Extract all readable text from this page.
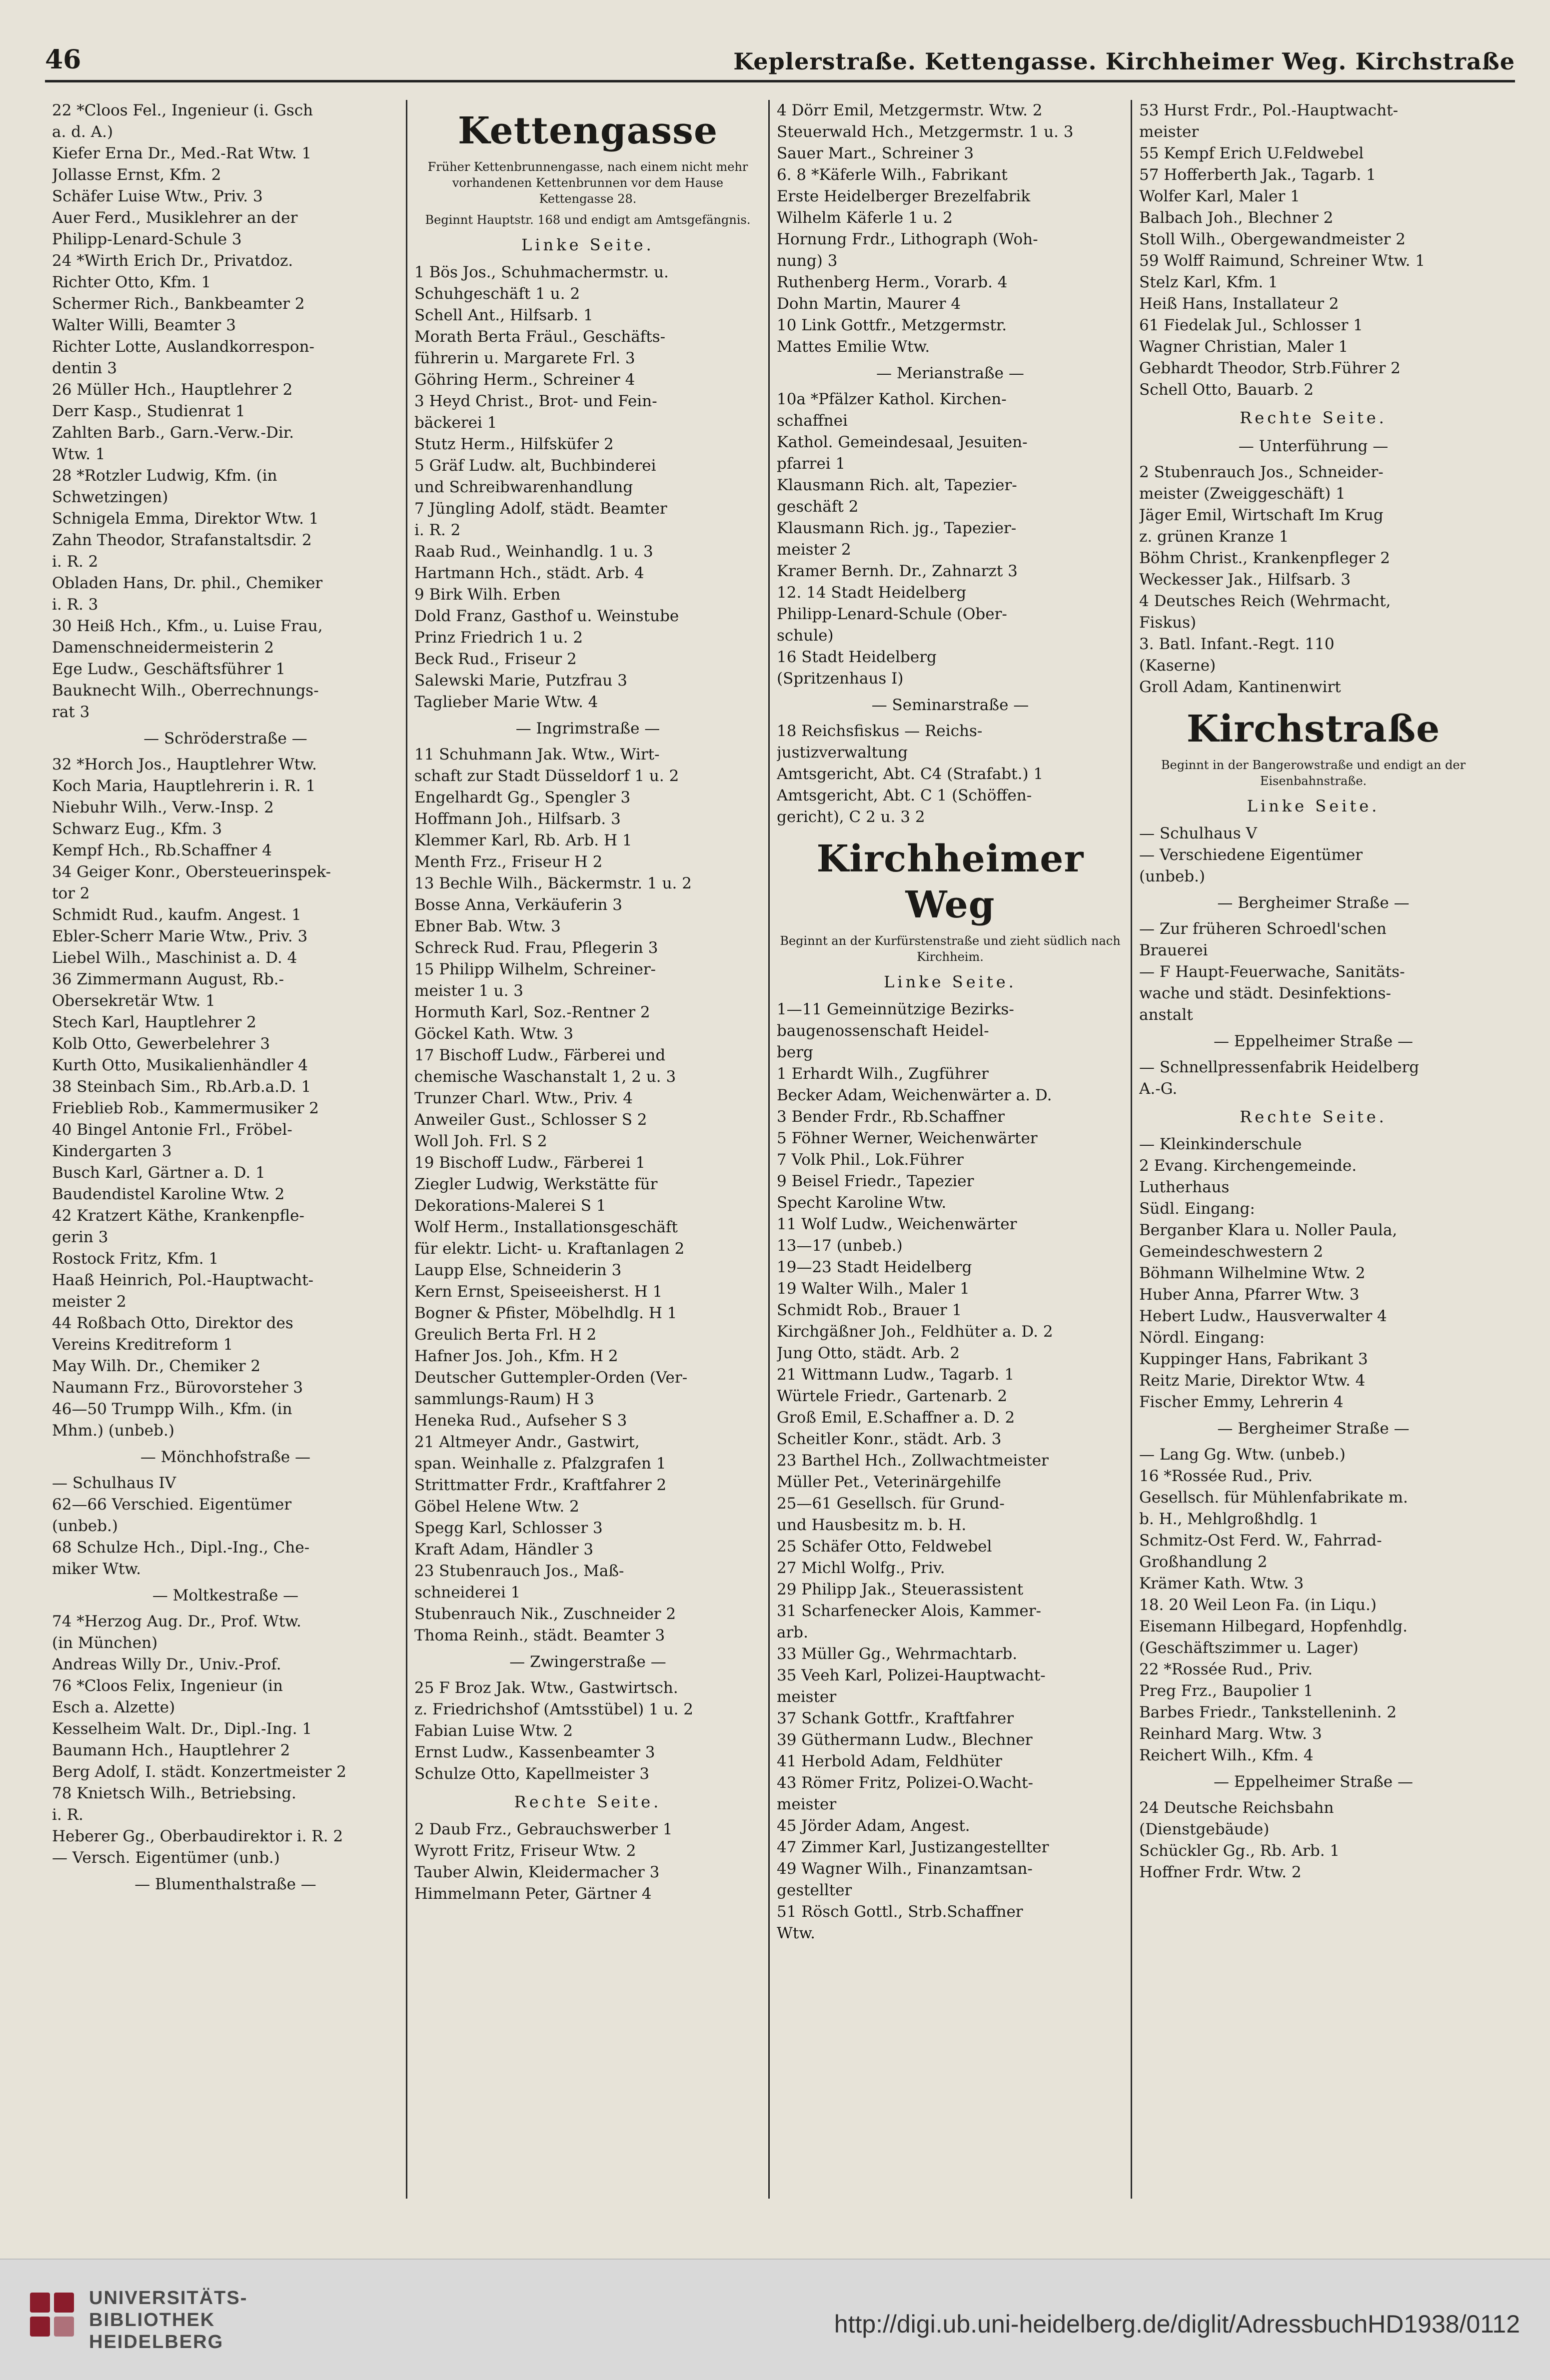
46	Keplerstraße. Kettengasse. Kirchheimer Weg. Kirchstraße
22 *Cloos Fel., Ingenieur (i. Gsch
a. d. A.)
Kiefer Erna Dr., Med.-Rat Wtw. 1
Jollasse Ernst, Kfm. 2
Schäfer Luise Wtw., Priv. 3
Auer Ferd., Musiklehrer an der
Philipp-Lenard-Schule 3
24 *Wirth Erich Dr., Privatdoz.
Richter Otto, Kfm. 1
Schermer Rich., Bankbeamter 2
Walter Willi, Beamter 3
Richter Lotte, Auslandkorrespon-
dentin 3
26 Müller Hch., Hauptlehrer 2
Derr Kasp., Studienrat 1
Zahlten Barb., Garn.-Verw.-Dir.
Wtw. 1
28 *Rotzler Ludwig, Kfm. (in
Schwetzingen)
Schnigela Emma, Direktor Wtw. 1
Zahn Theodor, Strafanstaltsdir. 2
i. R. 2
Obladen Hans, Dr. phil., Chemiker
i. R. 3
30 Heiß Hch., Kfm., u. Luise Frau,
Damenschneidermeisterin 2
Ege Ludw., Geschäftsführer 1
Bauknecht Wilh., Oberrechnungs-
rat 3
— Schröderstraße —
32 *Horch Jos., Hauptlehrer Wtw.
Koch Maria, Hauptlehrerin i. R. 1
Niebuhr Wilh., Verw.-Insp. 2
Schwarz Eug., Kfm. 3
Kempf Hch., Rb.Schaffner 4
34 Geiger Konr., Obersteuerinspek-
tor 2
Schmidt Rud., kaufm. Angest. 1
Ebler-Scherr Marie Wtw., Priv. 3
Liebel Wilh., Maschinist a. D. 4
36 Zimmermann August, Rb.-
Obersekretär Wtw. 1
Stech Karl, Hauptlehrer 2
Kolb Otto, Gewerbelehrer 3
Kurth Otto, Musikalienhändler 4
38 Steinbach Sim., Rb.Arb.a.D. 1
Frieblieb Rob., Kammermusiker 2
40 Bingel Antonie Frl., Fröbel-
Kindergarten 3
Busch Karl, Gärtner a. D. 1
Baudendistel Karoline Wtw. 2
42 Kratzert Käthe, Krankenpfle-
gerin 3
Rostock Fritz, Kfm. 1
Haaß Heinrich, Pol.-Hauptwacht-
meister 2
44 Roßbach Otto, Direktor des
Vereins Kreditreform 1
May Wilh. Dr., Chemiker 2
Naumann Frz., Bürovorsteher 3
46—50 Trumpp Wilh., Kfm. (in
Mhm.) (unbeb.)
— Mönchhofstraße —
— Schulhaus IV
62—66 Verschied. Eigentümer
(unbeb.)
68 Schulze Hch., Dipl.-Ing., Che-
miker Wtw.
— Moltkestraße —
74 *Herzog Aug. Dr., Prof. Wtw.
(in München)
Andreas Willy Dr., Univ.-Prof.
76 *Cloos Felix, Ingenieur (in
Esch a. Alzette)
Kesselheim Walt. Dr., Dipl.-Ing. 1
Baumann Hch., Hauptlehrer 2
Berg Adolf, I. städt. Konzertmeister 2
78 Knietsch Wilh., Betriebsing.
i. R.
Heberer Gg., Oberbaudirektor i. R. 2
— Versch. Eigentümer (unb.)
— Blumenthalstraße —
Kettengasse
Früher Kettenbrunnengasse, nach einem nicht mehr vorhandenen Kettenbrunnen vor dem Hause Kettengasse 28.
Beginnt Hauptstr. 168 und endigt am Amtsgefängnis.
Linke Seite.
1 Bös Jos., Schuhmachermstr. u.
Schuhgeschäft 1 u. 2
Schell Ant., Hilfsarb. 1
Morath Berta Fräul., Geschäfts-
führerin u. Margarete Frl. 3
Göhring Herm., Schreiner 4
3 Heyd Christ., Brot- und Fein-
bäckerei 1
Stutz Herm., Hilfsküfer 2
5 Gräf Ludw. alt, Buchbinderei
und Schreibwarenhandlung
7 Jüngling Adolf, städt. Beamter
i. R. 2
Raab Rud., Weinhandlg. 1 u. 3
Hartmann Hch., städt. Arb. 4
9 Birk Wilh. Erben
Dold Franz, Gasthof u. Weinstube
Prinz Friedrich 1 u. 2
Beck Rud., Friseur 2
Salewski Marie, Putzfrau 3
Taglieber Marie Wtw. 4
— Ingrimstraße —
11 Schuhmann Jak. Wtw., Wirt-
schaft zur Stadt Düsseldorf 1 u. 2
Engelhardt Gg., Spengler 3
Hoffmann Joh., Hilfsarb. 3
Klemmer Karl, Rb. Arb. H 1
Menth Frz., Friseur H 2
13 Bechle Wilh., Bäckermstr. 1 u. 2
Bosse Anna, Verkäuferin 3
Ebner Bab. Wtw. 3
Schreck Rud. Frau, Pflegerin 3
15 Philipp Wilhelm, Schreiner-
meister 1 u. 3
Hormuth Karl, Soz.-Rentner 2
Göckel Kath. Wtw. 3
17 Bischoff Ludw., Färberei und
chemische Waschanstalt 1, 2 u. 3
Trunzer Charl. Wtw., Priv. 4
Anweiler Gust., Schlosser S 2
Woll Joh. Frl. S 2
19 Bischoff Ludw., Färberei 1
Ziegler Ludwig, Werkstätte für
Dekorations-Malerei S 1
Wolf Herm., Installationsgeschäft
für elektr. Licht- u. Kraftanlagen 2
Laupp Else, Schneiderin 3
Kern Ernst, Speiseeisherst. H 1
Bogner & Pfister, Möbelhdlg. H 1
Greulich Berta Frl. H 2
Hafner Jos. Joh., Kfm. H 2
Deutscher Guttempler-Orden (Ver-
sammlungs-Raum) H 3
Heneka Rud., Aufseher S 3
21 Altmeyer Andr., Gastwirt,
span. Weinhalle z. Pfalzgrafen 1
Strittmatter Frdr., Kraftfahrer 2
Göbel Helene Wtw. 2
Spegg Karl, Schlosser 3
Kraft Adam, Händler 3
23 Stubenrauch Jos., Maß-
schneiderei 1
Stubenrauch Nik., Zuschneider 2
Thoma Reinh., städt. Beamter 3
— Zwingerstraße —
25 F Broz Jak. Wtw., Gastwirtsch.
z. Friedrichshof (Amtsstübel) 1 u. 2
Fabian Luise Wtw. 2
Ernst Ludw., Kassenbeamter 3
Schulze Otto, Kapellmeister 3
Rechte Seite.
2 Daub Frz., Gebrauchswerber 1
Wyrott Fritz, Friseur Wtw. 2
Tauber Alwin, Kleidermacher 3
Himmelmann Peter, Gärtner 4
4 Dörr Emil, Metzgermstr. Wtw. 2
Steuerwald Hch., Metzgermstr. 1 u. 3
Sauer Mart., Schreiner 3
6. 8 *Käferle Wilh., Fabrikant
Erste Heidelberger Brezelfabrik
Wilhelm Käferle 1 u. 2
Hornung Frdr., Lithograph (Woh-
nung) 3
Ruthenberg Herm., Vorarb. 4
Dohn Martin, Maurer 4
10 Link Gottfr., Metzgermstr.
Mattes Emilie Wtw.
— Merianstraße —
10a *Pfälzer Kathol. Kirchen-
schaffnei
Kathol. Gemeindesaal, Jesuiten-
pfarrei 1
Klausmann Rich. alt, Tapezier-
geschäft 2
Klausmann Rich. jg., Tapezier-
meister 2
Kramer Bernh. Dr., Zahnarzt 3
12. 14 Stadt Heidelberg
Philipp-Lenard-Schule (Ober-
schule)
16 Stadt Heidelberg
(Spritzenhaus I)
— Seminarstraße —
18 Reichsfiskus — Reichs-
justizverwaltung
Amtsgericht, Abt. C4 (Strafabt.) 1
Amtsgericht, Abt. C 1 (Schöffen-
gericht), C 2 u. 3 2
Kirchheimer Weg
Beginnt an der Kurfürstenstraße und zieht südlich nach Kirchheim.
Linke Seite.
1—11 Gemeinnützige Bezirks-
baugenossenschaft Heidel-
berg
1 Erhardt Wilh., Zugführer
Becker Adam, Weichenwärter a. D.
3 Bender Frdr., Rb.Schaffner
5 Föhner Werner, Weichenwärter
7 Volk Phil., Lok.Führer
9 Beisel Friedr., Tapezier
Specht Karoline Wtw.
11 Wolf Ludw., Weichenwärter
13—17 (unbeb.)
19—23 Stadt Heidelberg
19 Walter Wilh., Maler 1
Schmidt Rob., Brauer 1
Kirchgäßner Joh., Feldhüter a. D. 2
Jung Otto, städt. Arb. 2
21 Wittmann Ludw., Tagarb. 1
Würtele Friedr., Gartenarb. 2
Groß Emil, E.Schaffner a. D. 2
Scheitler Konr., städt. Arb. 3
23 Barthel Hch., Zollwachtmeister
Müller Pet., Veterinärgehilfe
25—61 Gesellsch. für Grund-
und Hausbesitz m. b. H.
25 Schäfer Otto, Feldwebel
27 Michl Wolfg., Priv.
29 Philipp Jak., Steuerassistent
31 Scharfenecker Alois, Kammer-
arb.
33 Müller Gg., Wehrmachtarb.
35 Veeh Karl, Polizei-Hauptwacht-
meister
37 Schank Gottfr., Kraftfahrer
39 Güthermann Ludw., Blechner
41 Herbold Adam, Feldhüter
43 Römer Fritz, Polizei-O.Wacht-
meister
45 Jörder Adam, Angest.
47 Zimmer Karl, Justizangestellter
49 Wagner Wilh., Finanzamtsan-
gestellter
51 Rösch Gottl., Strb.Schaffner
Wtw.
53 Hurst Frdr., Pol.-Hauptwacht-
meister
55 Kempf Erich U.Feldwebel
57 Hofferberth Jak., Tagarb. 1
Wolfer Karl, Maler 1
Balbach Joh., Blechner 2
Stoll Wilh., Obergewandmeister 2
59 Wolff Raimund, Schreiner Wtw. 1
Stelz Karl, Kfm. 1
Heiß Hans, Installateur 2
61 Fiedelak Jul., Schlosser 1
Wagner Christian, Maler 1
Gebhardt Theodor, Strb.Führer 2
Schell Otto, Bauarb. 2
Rechte Seite.
— Unterführung —
2 Stubenrauch Jos., Schneider-
meister (Zweiggeschäft) 1
Jäger Emil, Wirtschaft Im Krug
z. grünen Kranze 1
Böhm Christ., Krankenpfleger 2
Weckesser Jak., Hilfsarb. 3
4 Deutsches Reich (Wehrmacht,
Fiskus)
3. Batl. Infant.-Regt. 110
(Kaserne)
Groll Adam, Kantinenwirt
Kirchstraße
Beginnt in der Bangerowstraße und endigt an der Eisenbahnstraße.
Linke Seite.
— Schulhaus V
— Verschiedene Eigentümer
(unbeb.)
— Bergheimer Straße —
— Zur früheren Schroedl'schen
Brauerei
— F Haupt-Feuerwache, Sanitäts-
wache und städt. Desinfektions-
anstalt
— Eppelheimer Straße —
— Schnellpressenfabrik Heidelberg
A.-G.
Rechte Seite.
— Kleinkinderschule
2 Evang. Kirchengemeinde.
Lutherhaus
Südl. Eingang:
Berganber Klara u. Noller Paula,
Gemeindeschwestern 2
Böhmann Wilhelmine Wtw. 2
Huber Anna, Pfarrer Wtw. 3
Hebert Ludw., Hausverwalter 4
Nördl. Eingang:
Kuppinger Hans, Fabrikant 3
Reitz Marie, Direktor Wtw. 4
Fischer Emmy, Lehrerin 4
— Bergheimer Straße —
— Lang Gg. Wtw. (unbeb.)
16 *Rossée Rud., Priv.
Gesellsch. für Mühlenfabrikate m.
b. H., Mehlgroßhdlg. 1
Schmitz-Ost Ferd. W., Fahrrad-
Großhandlung 2
Krämer Kath. Wtw. 3
18. 20 Weil Leon Fa. (in Liqu.)
Eisemann Hilbegard, Hopfenhdlg.
(Geschäftszimmer u. Lager)
22 *Rossée Rud., Priv.
Preg Frz., Baupolier 1
Barbes Friedr., Tankstelleninh. 2
Reinhard Marg. Wtw. 3
Reichert Wilh., Kfm. 4
— Eppelheimer Straße —
24 Deutsche Reichsbahn
(Dienstgebäude)
Schückler Gg., Rb. Arb. 1
Hoffner Frdr. Wtw. 2
UNIVERSITÄTS-
BIBLIOTHEK
HEIDELBERG
http://digi.ub.uni-heidelberg.de/diglit/AdressbuchHD1938/0112
